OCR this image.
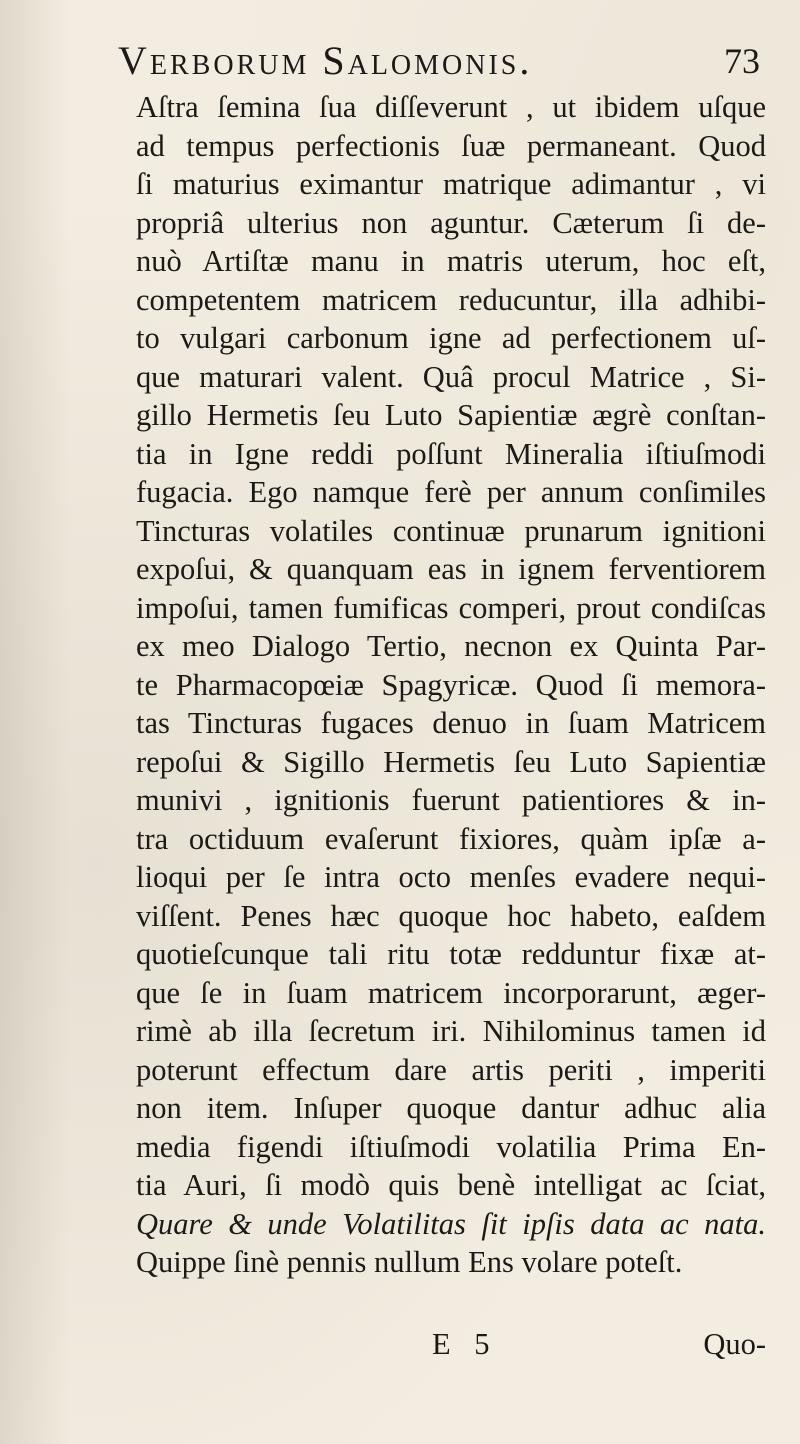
Verborum Salomonis.	73
Aſtra ſemina ſua diſſeverunt , ut ibidem uſque
ad tempus perfectionis ſuæ permaneant. Quod
ſi maturius eximantur matrique adimantur , vi
propriâ ulterius non aguntur. Cæterum ſi de-
nuò Artiſtæ manu in matris uterum, hoc eſt,
competentem matricem reducuntur, illa adhibi-
to vulgari carbonum igne ad perfectionem uſ-
que maturari valent. Quâ procul Matrice , Si-
gillo Hermetis ſeu Luto Sapientiæ ægrè conſtan-
tia in Igne reddi poſſunt Mineralia iſtiuſmodi
fugacia. Ego namque ferè per annum conſimiles
Tincturas volatiles continuæ prunarum ignitioni
expoſui, & quanquam eas in ignem ferventiorem
impoſui, tamen fumificas comperi, prout condiſcas
ex meo Dialogo Tertio, necnon ex Quinta Par-
te Pharmacopœiæ Spagyricæ. Quod ſi memora-
tas Tincturas fugaces denuo in ſuam Matricem
repoſui & Sigillo Hermetis ſeu Luto Sapientiæ
munivi , ignitionis fuerunt patientiores & in-
tra octiduum evaſerunt fixiores, quàm ipſæ a-
lioqui per ſe intra octo menſes evadere nequi-
viſſent. Penes hæc quoque hoc habeto, eaſdem
quotieſcunque tali ritu totæ redduntur fixæ at-
que ſe in ſuam matricem incorporarunt, æger-
rimè ab illa ſecretum iri. Nihilominus tamen id
poterunt effectum dare artis periti , imperiti
non item. Inſuper quoque dantur adhuc alia
media figendi iſtiuſmodi volatilia Prima En-
tia Auri, ſi modò quis benè intelligat ac ſciat,
Quare & unde Volatilitas ſit ipſis data ac nata.
Quippe ſinè pennis nullum Ens volare poteſt.
E 5	Quo-
